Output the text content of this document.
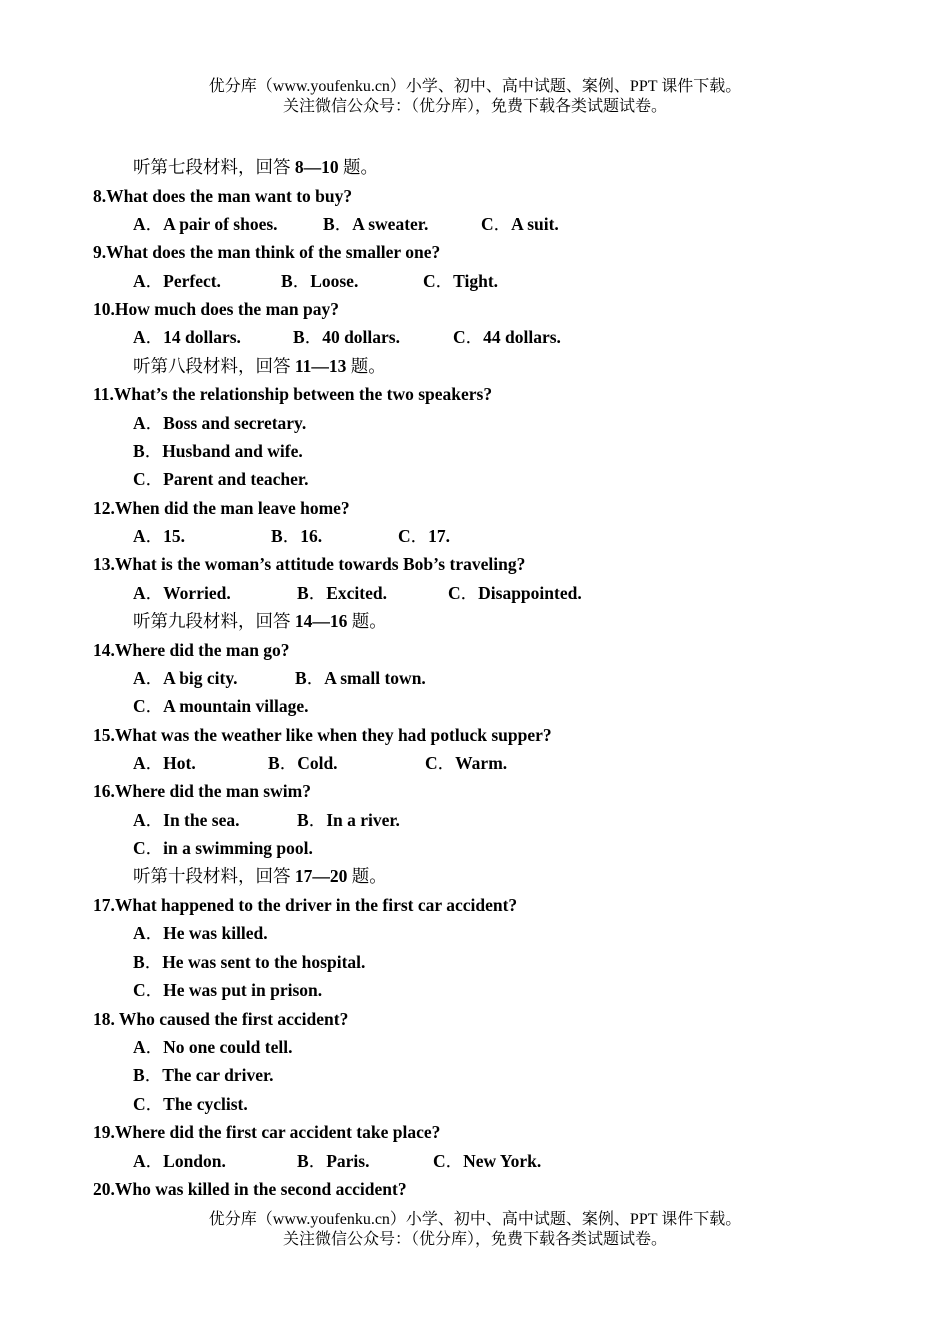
优分库（www.youfenku.cn）小学、初中、高中试题、案例、PPT 课件下载。
关注微信公众号：（优分库），免费下载各类试题试卷。
听第七段材料，回答 8—10 题。
8.What does the man want to buy?
A．A pair of shoes.	B．A sweater.	C．A suit.
9.What does the man think of the smaller one?
A．Perfect.	B．Loose.	C．Tight.
10.How much does the man pay?
A．14 dollars.	B．40 dollars.	C．44 dollars.
听第八段材料，回答 11—13 题。
11.What’s the relationship between the two speakers?
A．Boss and secretary.
B．Husband and wife.
C．Parent and teacher.
12.When did the man leave home?
A．15.	B．16.	C．17.
13.What is the woman’s attitude towards Bob’s traveling?
A．Worried.	B．Excited.	C．Disappointed.
听第九段材料，回答 14—16 题。
14.Where did the man go?
A．A big city.	B．A small town.
C．A mountain village.
15.What was the weather like when they had potluck supper?
A．Hot.	B．Cold.	C．Warm.
16.Where did the man swim?
A．In the sea.	B．In a river.
C．in a swimming pool.
听第十段材料，回答 17—20 题。
17.What happened to the driver in the first car accident?
A．He was killed.
B．He was sent to the hospital.
C．He was put in prison.
18. Who caused the first accident?
A．No one could tell.
B．The car driver.
C．The cyclist.
19.Where did the first car accident take place?
A．London.	B．Paris.	C．New York.
20.Who was killed in the second accident?
优分库（www.youfenku.cn）小学、初中、高中试题、案例、PPT 课件下载。
关注微信公众号：（优分库），免费下载各类试题试卷。
